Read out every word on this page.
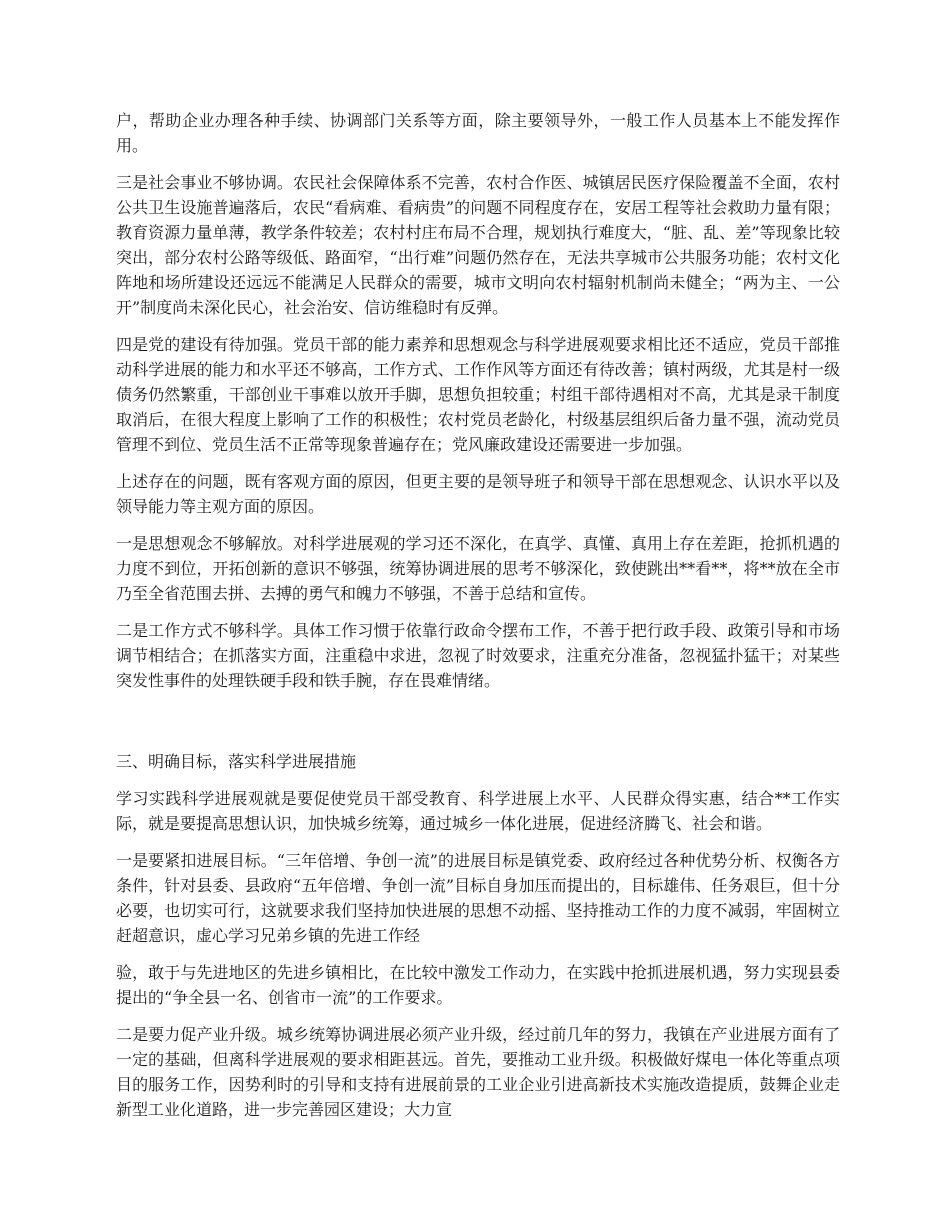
户，帮助企业办理各种手续、协调部门关系等方面，除主要领导外，一般工作人员基本上不能发挥作用。

三是社会事业不够协调。农民社会保障体系不完善，农村合作医、城镇居民医疗保险覆盖不全面，农村公共卫生设施普遍落后，农民“看病难、看病贵”的问题不同程度存在，安居工程等社会救助力量有限；教育资源力量单薄，教学条件较差；农村村庄布局不合理，规划执行难度大，“脏、乱、差”等现象比较突出，部分农村公路等级低、路面窄，“出行难”问题仍然存在，无法共享城市公共服务功能；农村文化阵地和场所建设还远远不能满足人民群众的需要，城市文明向农村辐射机制尚未健全；“两为主、一公开”制度尚未深化民心，社会治安、信访维稳时有反弹。

四是党的建设有待加强。党员干部的能力素养和思想观念与科学进展观要求相比还不适应，党员干部推动科学进展的能力和水平还不够高，工作方式、工作作风等方面还有待改善；镇村两级，尤其是村一级债务仍然繁重，干部创业干事难以放开手脚，思想负担较重；村组干部待遇相对不高，尤其是录干制度取消后，在很大程度上影响了工作的积极性；农村党员老龄化，村级基层组织后备力量不强，流动党员管理不到位、党员生活不正常等现象普遍存在；党风廉政建设还需要进一步加强。

上述存在的问题，既有客观方面的原因，但更主要的是领导班子和领导干部在思想观念、认识水平以及领导能力等主观方面的原因。

一是思想观念不够解放。对科学进展观的学习还不深化，在真学、真懂、真用上存在差距，抢抓机遇的力度不到位，开拓创新的意识不够强，统筹协调进展的思考不够深化，致使跳出**看**，将**放在全市乃至全省范围去拼、去搏的勇气和魄力不够强，不善于总结和宣传。

二是工作方式不够科学。具体工作习惯于依靠行政命令摆布工作，不善于把行政手段、政策引导和市场调节相结合；在抓落实方面，注重稳中求进，忽视了时效要求，注重充分准备，忽视猛扑猛干；对某些突发性事件的处理铁硬手段和铁手腕，存在畏难情绪。

三、明确目标，落实科学进展措施

学习实践科学进展观就是要促使党员干部受教育、科学进展上水平、人民群众得实惠，结合**工作实际，就是要提高思想认识，加快城乡统筹，通过城乡一体化进展，促进经济腾飞、社会和谐。

一是要紧扣进展目标。“三年倍增、争创一流”的进展目标是镇党委、政府经过各种优势分析、权衡各方条件，针对县委、县政府“五年倍增、争创一流”目标自身加压而提出的，目标雄伟、任务艰巨，但十分必要，也切实可行，这就要求我们坚持加快进展的思想不动摇、坚持推动工作的力度不减弱，牢固树立赶超意识，虚心学习兄弟乡镇的先进工作经

验，敢于与先进地区的先进乡镇相比，在比较中激发工作动力，在实践中抢抓进展机遇，努力实现县委提出的“争全县一名、创省市一流”的工作要求。

二是要力促产业升级。城乡统筹协调进展必须产业升级，经过前几年的努力，我镇在产业进展方面有了一定的基础，但离科学进展观的要求相距甚远。首先，要推动工业升级。积极做好煤电一体化等重点项目的服务工作，因势利时的引导和支持有进展前景的工业企业引进高新技术实施改造提质，鼓舞企业走新型工业化道路，进一步完善园区建设；大力宣
